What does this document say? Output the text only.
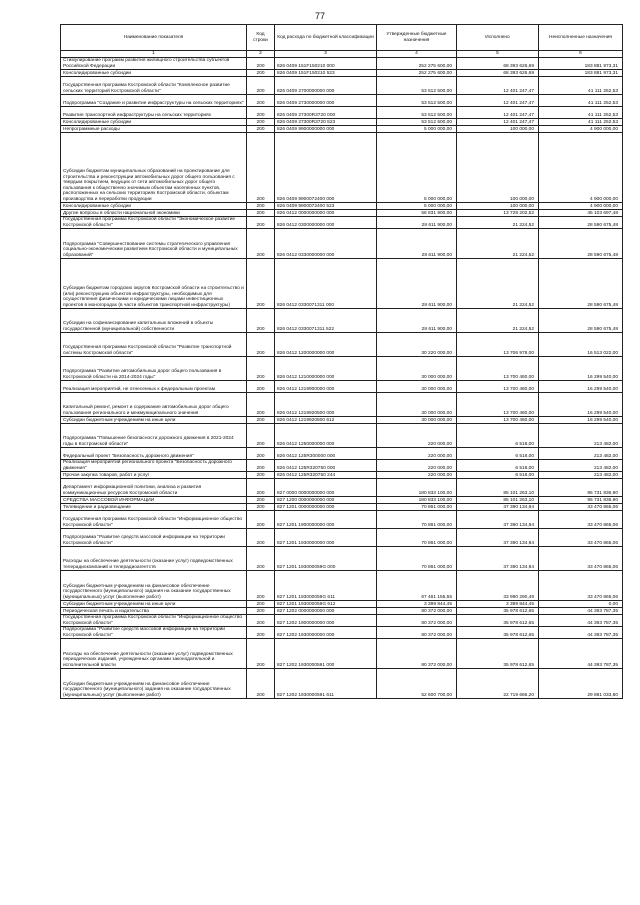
77
Наименование показателя	Код строки	Код расхода по бюджетной классификации	Утвержденные бюджетные назначения	Исполнено	Неисполненные назначения
1	2	3	4	5	6
Стимулирование программ развития жилищного строительства субъектов Российской Федерации	200	826 0409 151F150210 000	252 275 600,00	68 393 626,69	183 881 973,31
Консолидированные субсидии	200	826 0409 151F150210 523	252 275 600,00	68 393 626,69	183 881 973,31
Государственная программа Костромской области "Комплексное развитие сельских территорий Костромской области"	200	826 0409 2700000000 000	53 512 500,00	12 401 247,47	41 111 252,53
Подпрограмма "Создание и развитие инфраструктуры на сельских территориях"	200	826 0409 2730000000 000	53 512 500,00	12 401 247,47	41 111 252,53
Развитие транспортной инфраструктуры на сельских территориях	200	826 0409 27300R3720 000	53 512 500,00	12 401 247,47	41 111 252,53
Консолидированные субсидии	200	826 0409 27300R3720 523	53 512 500,00	12 401 247,47	41 111 252,53
Непрограммные расходы	200	826 0409 9900000000 000	5 000 000,00	100 000,00	4 900 000,00
Субсидии бюджетам муниципальных образований на проектирование для строительства и реконструкции автомобильных дорог общего пользования с твердым покрытием, ведущих от сети автомобильных дорог общего пользования к общественно значимым объектам населенных пунктов, расположенных на сельских территориях Костромской области, объектам производства и переработки продукции	200	826 0409 9900072400 000	5 000 000,00	100 000,00	4 900 000,00
Консолидированные субсидии	200	826 0409 9900072400 523	5 000 000,00	100 000,00	4 900 000,00
Другие вопросы в области национальной экономики	200	826 0412 0000000000 000	58 831 900,00	13 728 202,52	45 103 697,48
Государственная программа Костромской области "Экономическое развитие Костромской области"	200	826 0412 0300000000 000	28 611 900,00	21 224,52	28 590 675,48
Подпрограмма "Совершенствование системы стратегического управления социально-экономическим развитием Костромской области и муниципальных образований"	200	826 0412 0330000000 000	28 611 900,00	21 224,52	28 590 675,48
Субсидии бюджетам городских округов Костромской области на строительство и (или) реконструкцию объектов инфраструктуры, необходимых для осуществления физическими и юридическими лицами инвестиционных проектов в моногородах (в части объектов транспортной инфраструктуры)	200	826 0412 0330071311 000	28 611 900,00	21 224,52	28 590 675,48
Субсидии на софинансирование капитальных вложений в объекты государственной (муниципальной) собственности	200	826 0412 0330071311 522	28 611 900,00	21 224,52	28 590 675,48
Государственная программа Костромской области "Развитие транспортной системы Костромской области"	200	826 0412 1200000000 000	30 220 000,00	13 706 978,00	16 513 022,00
Подпрограмма "Развитие автомобильных дорог общего пользования в Костромской области на 2014-2024 годы"	200	826 0412 1210000000 000	30 000 000,00	13 700 460,00	16 299 540,00
Реализация мероприятий, не отнесенных к федеральным проектам	200	826 0412 1219900000 000	30 000 000,00	13 700 460,00	16 299 540,00
Капитальный ремонт, ремонт и содержание автомобильных дорог общего пользования регионального и межмуниципального значения	200	826 0412 1219920500 000	30 000 000,00	13 700 460,00	16 299 540,00
Субсидии бюджетным учреждениям на иные цели	200	826 0412 1219920500 612	30 000 000,00	13 700 460,00	16 299 540,00
Подпрограмма "Повышение безопасности дорожного движения в 2021-2024 годы в Костромской области"	200	826 0412 1250000000 000	220 000,00	6 518,00	213 482,00
Федеральный проект "Безопасность дорожного движения"	200	826 0412 125R300000 000	220 000,00	6 518,00	213 482,00
Реализация мероприятий регионального проекта "Безопасность дорожного движения"	200	826 0412 125R320750 000	220 000,00	6 518,00	213 482,00
Прочая закупка товаров, работ и услуг	200	826 0412 125R320750 244	220 000,00	6 518,00	213 482,00
Департамент информационной политики, анализа и развития коммуникационных ресурсов Костромской области	200	827 0000 0000000000 000	180 833 100,00	85 101 263,10	95 731 836,90
СРЕДСТВА МАССОВОЙ ИНФОРМАЦИИ	200	827 1200 0000000000 000	180 833 100,00	85 101 263,10	95 731 836,90
Телевидение и радиовещание	200	827 1201 0000000000 000	70 861 000,00	37 390 134,94	33 470 865,06
Государственная программа Костромской области "Информационное общество Костромской области"	200	827 1201 1900000000 000	70 861 000,00	37 390 134,94	33 470 865,06
Подпрограмма "Развитие средств массовой информации на территории Костромской области"	200	827 1201 1930000000 000	70 861 000,00	37 390 134,94	33 470 865,06
Расходы на обеспечение деятельности (оказание услуг) подведомственных телерадиокомпаний и телерадиоагентств	200	827 1201 193000059G 000	70 861 000,00	37 390 134,94	33 470 865,06
Субсидии бюджетным учреждениям на финансовое обеспечение государственного (муниципального) задания на оказание государственных (муниципальных) услуг (выполнение работ)	200	827 1201 193000059G 611	67 461 155,55	33 990 290,49	33 470 865,06
Субсидии бюджетным учреждениям на иные цели	200	827 1201 193000059G 612	3 399 844,45	3 399 844,45	0,00
Периодическая печать и издательства	200	827 1202 0000000000 000	80 372 000,00	35 978 612,65	44 393 787,35
Государственная программа Костромской области "Информационное общество Костромской области"	200	827 1202 1900000000 000	80 372 000,00	35 978 612,65	44 393 787,35
Подпрограмма "Развитие средств массовой информации на территории Костромской области"	200	827 1202 1930000000 000	80 372 000,00	35 978 612,65	44 393 787,35
Расходы на обеспечение деятельности (оказание услуг) подведомственных периодических изданий, учрежденных органами законодательной и исполнительной власти	200	827 1202 1930000591 000	80 372 000,00	35 978 612,65	44 393 787,35
Субсидии бюджетным учреждениям на финансовое обеспечение государственного (муниципального) задания на оказание государственных (муниципальных) услуг (выполнение работ)	200	827 1202 1930000591 611	52 600 700,00	22 719 666,20	29 881 033,80
